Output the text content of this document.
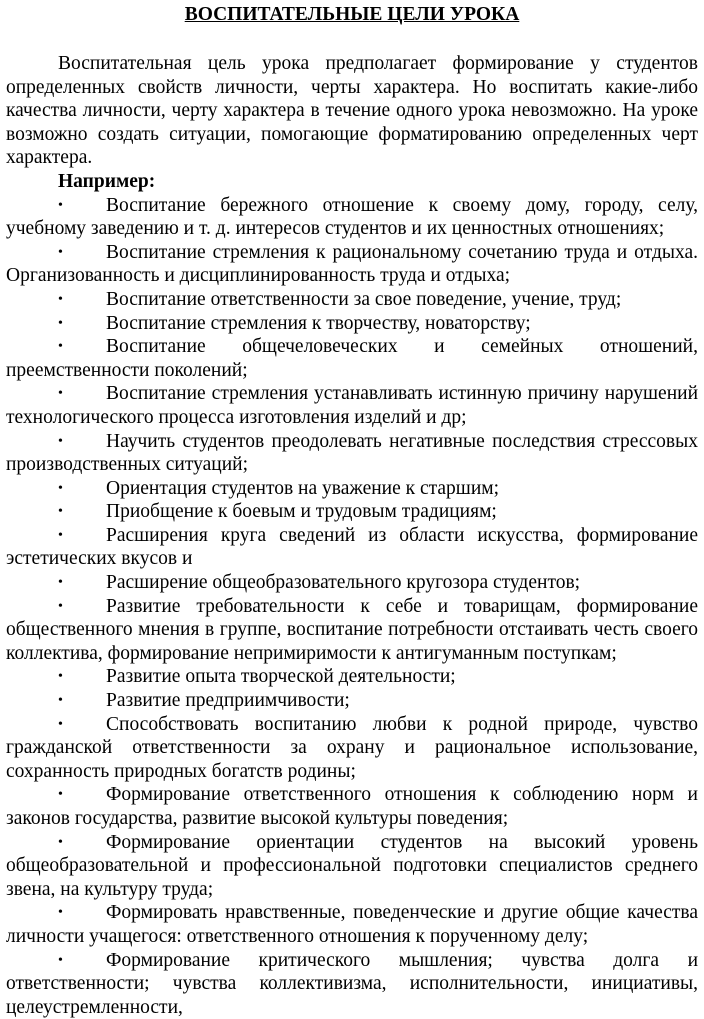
ВОСПИТАТЕЛЬНЫЕ ЦЕЛИ УРОКА

Воспитательная цель урока предполагает формирование у студентов определенных свойств личности, черты характера. Но воспитать какие-либо качества личности, черту характера в течение одного урока невозможно. На уроке возможно создать ситуации, помогающие форматированию определенных черт характера.

Например:

• Воспитание бережного отношение к своему дому, городу, селу, учебному заведению и т. д. интересов студентов и их ценностных отношениях;
• Воспитание стремления к рациональному сочетанию труда и отдыха. Организованность и дисциплинированность труда и отдыха;
• Воспитание ответственности за свое поведение, учение, труд;
• Воспитание стремления к творчеству, новаторству;
• Воспитание общечеловеческих и семейных отношений, преемственности поколений;
• Воспитание стремления устанавливать истинную причину нарушений технологического процесса изготовления изделий и др;
• Научить студентов преодолевать негативные последствия стрессовых производственных ситуаций;
• Ориентация студентов на уважение к старшим;
• Приобщение к боевым и трудовым традициям;
• Расширения круга сведений из области искусства, формирование эстетических вкусов и
• Расширение общеобразовательного кругозора студентов;
• Развитие требовательности к себе и товарищам, формирование общественного мнения в группе, воспитание потребности отстаивать честь своего коллектива, формирование непримиримости к антигуманным поступкам;
• Развитие опыта творческой деятельности;
• Развитие предприимчивости;
• Способствовать воспитанию любви к родной природе, чувство гражданской ответственности за охрану и рациональное использование, сохранность природных богатств родины;
• Формирование ответственного отношения к соблюдению норм и законов государства, развитие высокой культуры поведения;
• Формирование ориентации студентов на высокий уровень общеобразовательной и профессиональной подготовки специалистов среднего звена, на культуру труда;
• Формировать нравственные, поведенческие и другие общие качества личности учащегося: ответственного отношения к порученному делу;
• Формирование критического мышления; чувства долга и ответственности; чувства коллективизма, исполнительности, инициативы, целеустремленности,
